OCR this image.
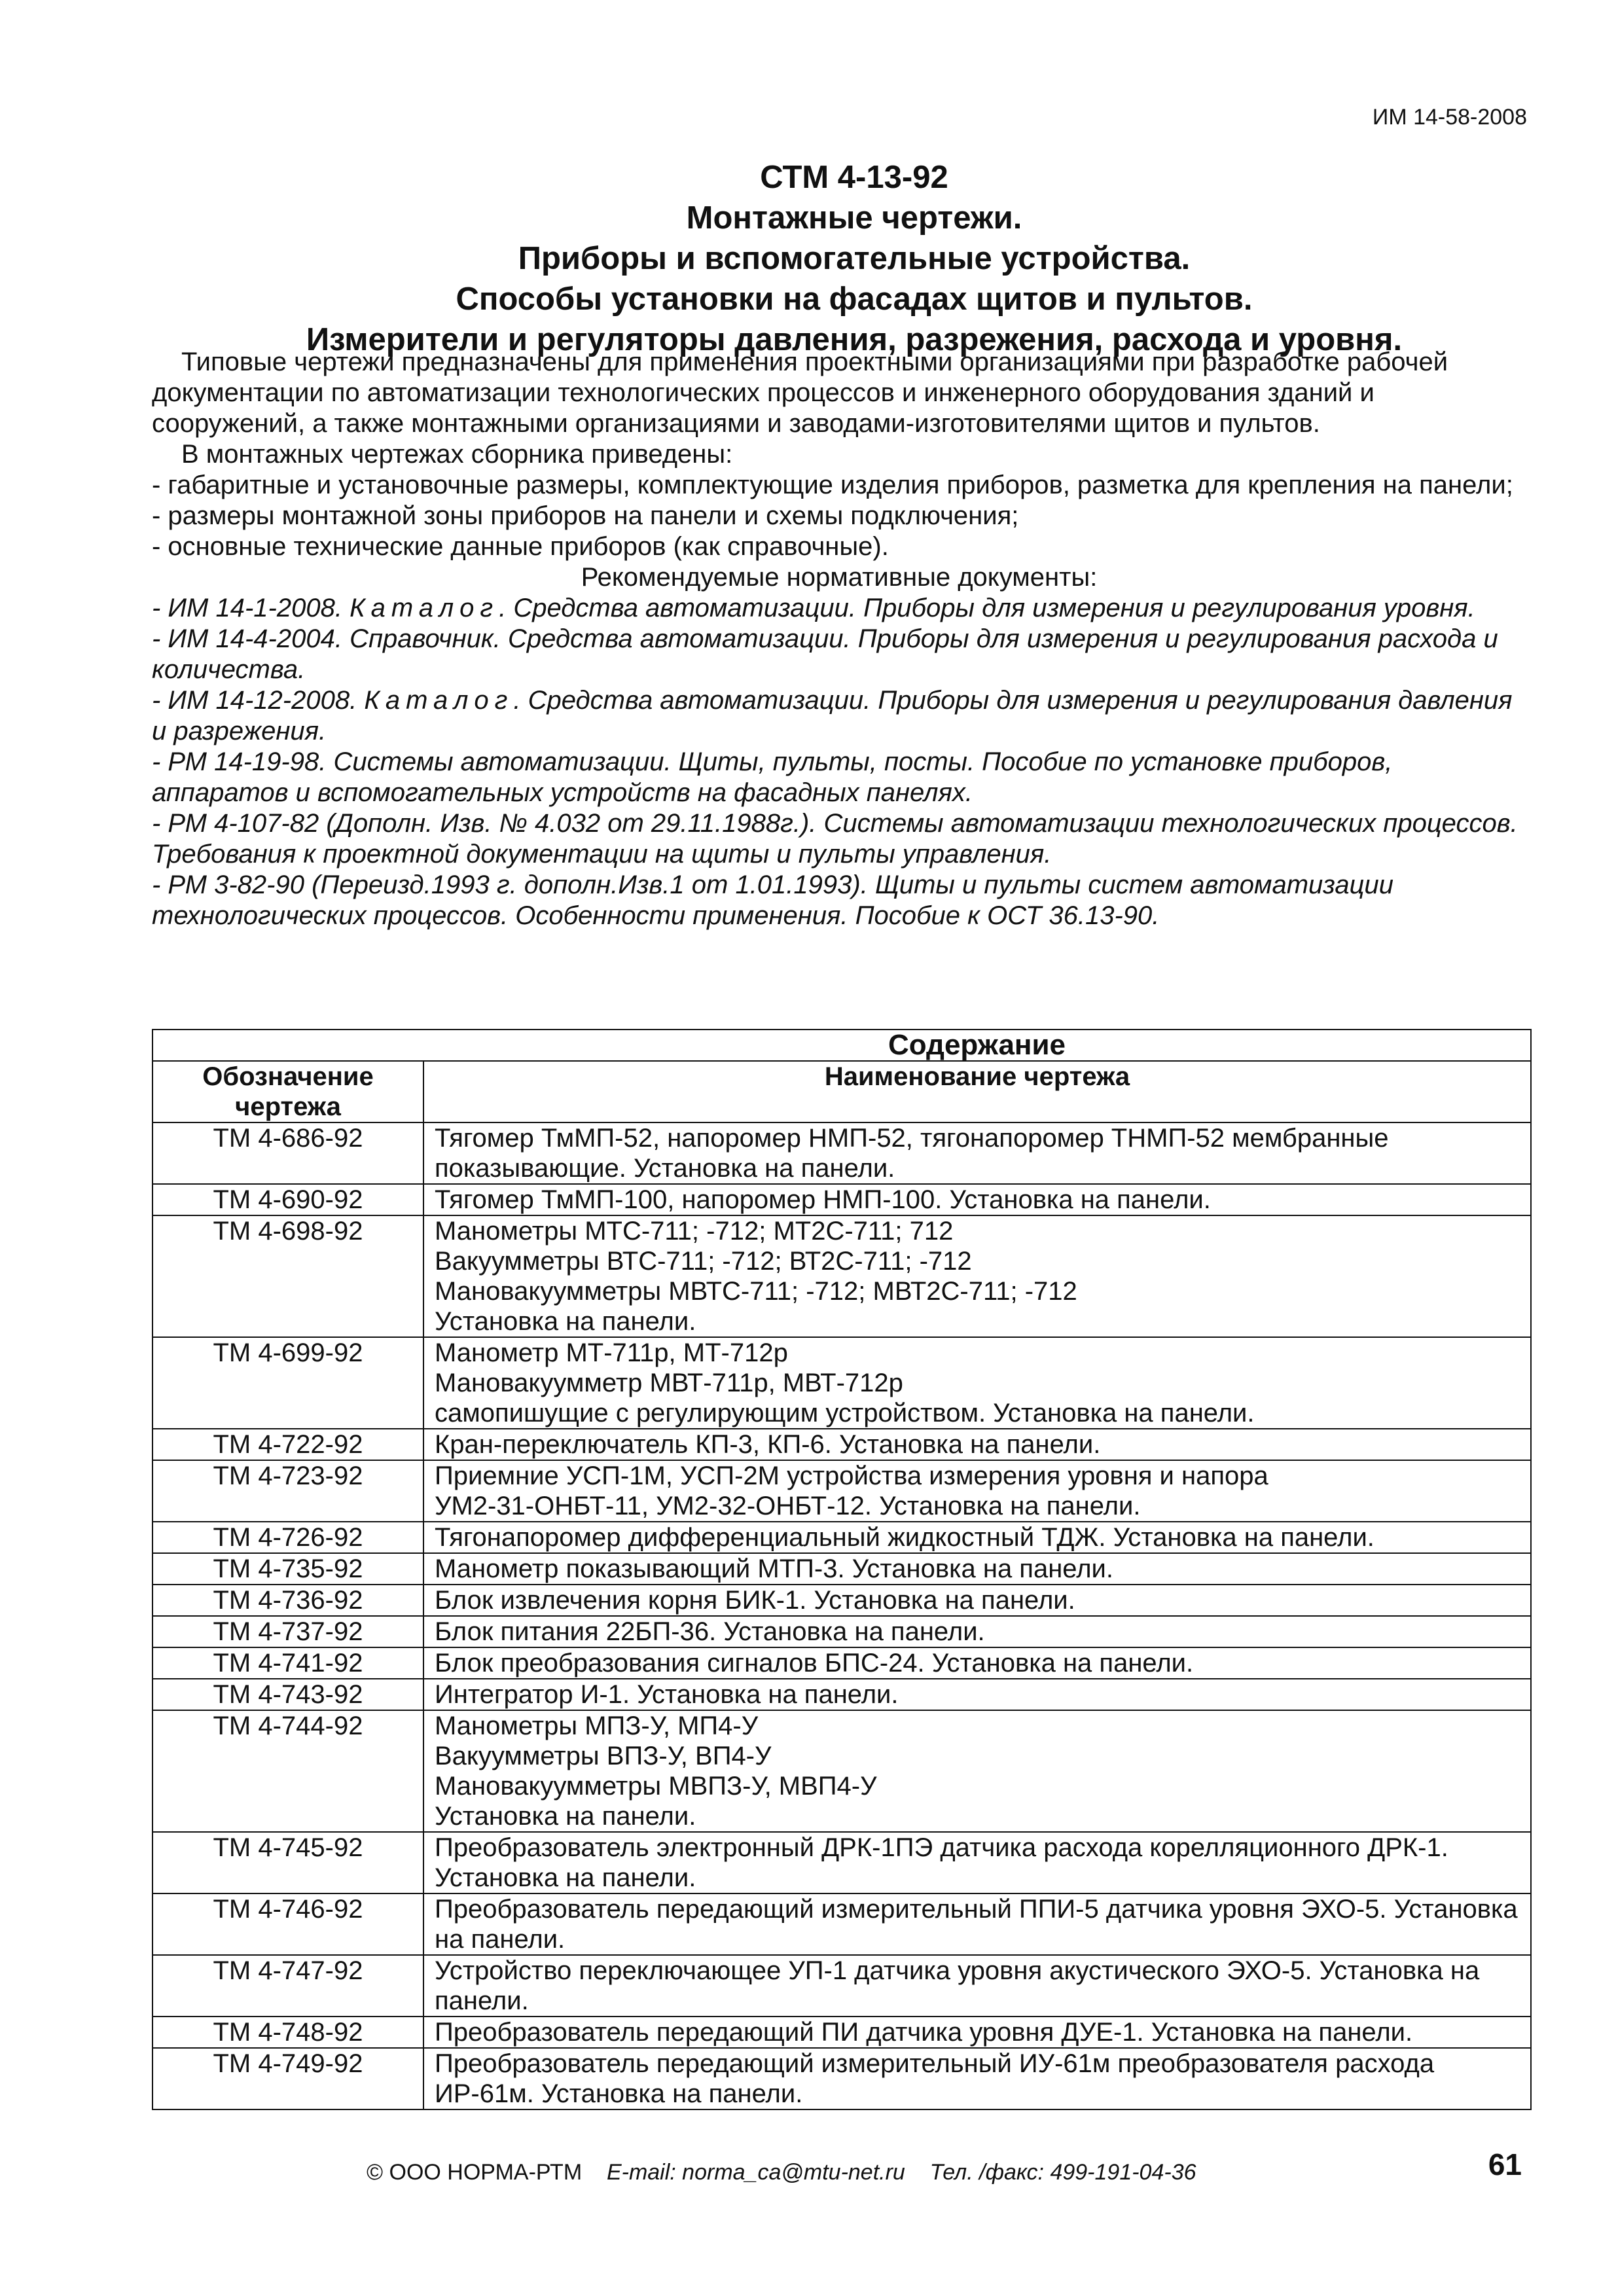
ИМ 14-58-2008
СТМ 4-13-92
Монтажные чертежи.
Приборы и вспомогательные устройства.
Способы установки на фасадах щитов и пультов.
Измерители и регуляторы давления, разрежения, расхода и уровня.

Типовые чертежи предназначены для применения проектными организациями при разработке рабочей документации по автоматизации технологических процессов и инженерного оборудования зданий и сооружений, а также монтажными организациями и заводами-изготовителями щитов и пультов.

В монтажных чертежах сборника приведены:

- габаритные и установочные размеры, комплектующие изделия приборов, разметка для крепления на панели;

- размеры монтажной зоны приборов на панели и схемы подключения;

- основные технические данные приборов (как справочные).

Рекомендуемые нормативные документы:

- ИМ 14-1-2008. Каталог. Средства автоматизации. Приборы для измерения и регулирования уровня.

- ИМ 14-4-2004. Справочник. Средства автоматизации. Приборы для измерения и регулирования расхода и количества.

- ИМ 14-12-2008. Каталог. Средства автоматизации. Приборы для измерения и регулирования давления и разрежения.

- РМ 14-19-98. Системы автоматизации. Щиты, пульты, посты. Пособие по установке приборов, аппаратов и вспомогательных устройств на фасадных панелях.

- РМ 4-107-82 (Дополн. Изв. № 4.032 от 29.11.1988г.). Системы автоматизации технологических процессов. Требования к проектной документации на щиты и пульты управления.

- РМ 3-82-90 (Переизд.1993 г. дополн.Изв.1 от 1.01.1993). Щиты и пульты систем автоматизации технологических процессов. Особенности применения. Пособие к ОСТ 36.13-90.

	Содержание
Обозначение чертежа	Наименование чертежа
ТМ 4-686-92	Тягомер ТмМП-52, напоромер НМП-52, тягонапоромер ТНМП-52 мембранные показывающие. Установка на панели.

ТМ 4-690-92	Тягомер ТмМП-100, напоромер НМП-100. Установка на панели.

ТМ 4-698-92	Манометры МТС-711; -712; МТ2С-711; 712
Вакуумметры ВТС-711; -712; ВТ2С-711; -712
Мановакуумметры МВТС-711; -712; МВТ2С-711; -712
Установка на панели.

ТМ 4-699-92	Манометр МТ-711р, МТ-712р
Мановакуумметр МВТ-711р, МВТ-712р
самопишущие с регулирующим устройством. Установка на панели.

ТМ 4-722-92	Кран-переключатель КП-3, КП-6. Установка на панели.

ТМ 4-723-92	Приемние УСП-1М, УСП-2М устройства измерения уровня и напора
УМ2-31-ОНБТ-11, УМ2-32-ОНБТ-12. Установка на панели.

ТМ 4-726-92	Тягонапоромер дифференциальный жидкостный ТДЖ. Установка на панели.

ТМ 4-735-92	Манометр показывающий МТП-3. Установка на панели.

ТМ 4-736-92	Блок извлечения корня БИК-1. Установка на панели.

ТМ 4-737-92	Блок питания 22БП-36. Установка на панели.

ТМ 4-741-92	Блок преобразования сигналов БПС-24. Установка на панели.

ТМ 4-743-92	Интегратор И-1. Установка на панели.

ТМ 4-744-92	Манометры МПЗ-У, МП4-У
Вакуумметры ВПЗ-У, ВП4-У
Мановакуумметры МВПЗ-У, МВП4-У
Установка на панели.

ТМ 4-745-92	Преобразователь электронный ДРК-1ПЭ датчика расхода корелляционного ДРК-1. Установка на панели.

ТМ 4-746-92	Преобразователь передающий измерительный ППИ-5 датчика уровня ЭХО-5. Установка на панели.

ТМ 4-747-92	Устройство переключающее УП-1 датчика уровня акустического ЭХО-5. Установка на панели.

ТМ 4-748-92	Преобразователь передающий ПИ датчика уровня ДУЕ-1. Установка на панели.

ТМ 4-749-92	Преобразователь передающий измерительный ИУ-61м преобразователя расхода ИР-61м. Установка на панели.
© ООО НОРМА-РТМ E-mail: norma_ca@mtu-net.ru Тел. /факс: 499-191-04-36	61
